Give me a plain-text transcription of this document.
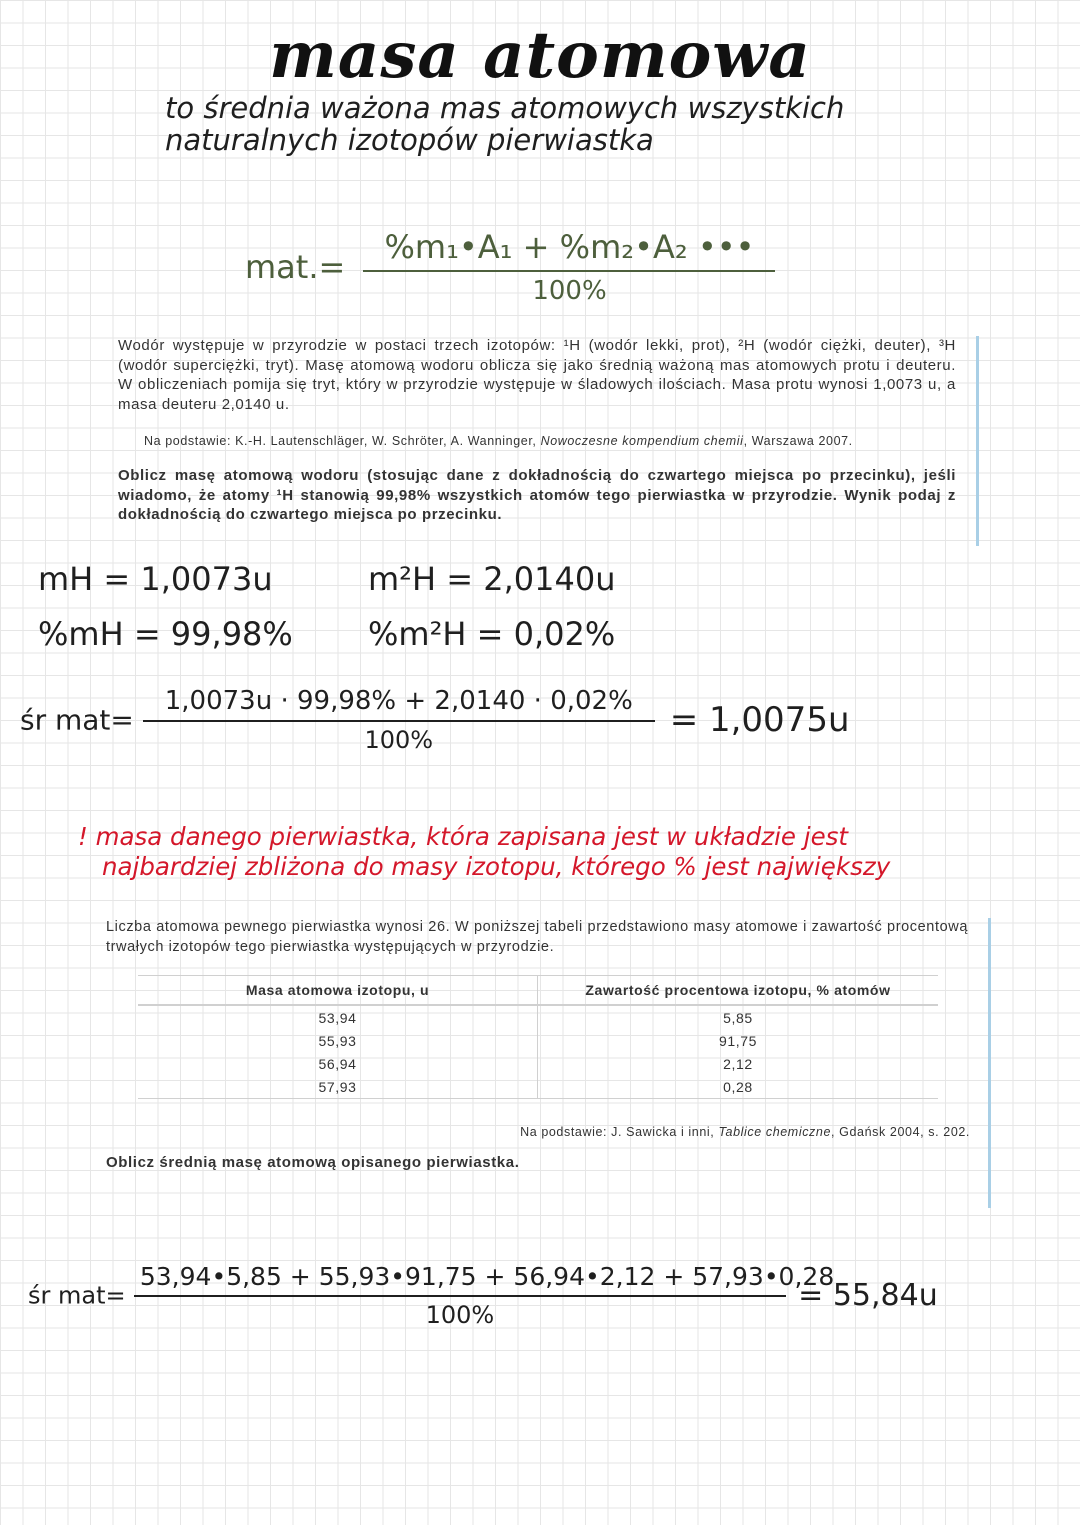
masa atomowa
to średnia ważona mas atomowych wszystkich
naturalnych izotopów pierwiastka
$mat.= \frac{\text{\%m₁•A₁ + \%m₂•A₂ •••}}{100\%}$
Wodór występuje w przyrodzie w postaci trzech izotopów: ¹H (wodór lekki, prot), ²H (wodór ciężki, deuter), ³H (wodór superciężki, tryt). Masę atomową wodoru oblicza się jako średnią ważoną mas atomowych protu i deuteru. W obliczeniach pomija się tryt, który w przyrodzie występuje w śladowych ilościach. Masa protu wynosi 1,0073 u, a masa deuteru 2,0140 u.
Na podstawie: K.-H. Lautenschläger, W. Schröter, A. Wanninger, Nowoczesne kompendium chemii, Warszawa 2007.
Oblicz masę atomową wodoru (stosując dane z dokładnością do czwartego miejsca po przecinku), jeśli wiadomo, że atomy ¹H stanowią 99,98% wszystkich atomów tego pierwiastka w przyrodzie. Wynik podaj z dokładnością do czwartego miejsca po przecinku.
mH = 1,0073u	m²H = 2,0140u
%mH = 99,98% %m²H = 0,02%
śr $mat= \frac{1,0073u \cdot 99,98\% + 2,0140 \cdot 0,02\%}{100\%} = 1,0075u$
! masa danego pierwiastka, która zapisana jest w układzie jest
najbardziej zbliżona do masy izotopu, którego % jest największy
Liczba atomowa pewnego pierwiastka wynosi 26. W poniższej tabeli przedstawiono masy atomowe i zawartość procentową trwałych izotopów tego pierwiastka występujących w przyrodzie.
Masa atomowa izotopu, u	Zawartość procentowa izotopu, % atomów
53,94	5,85
55,93	91,75
56,94	2,12
57,93	0,28
Na podstawie: J. Sawicka i inni, Tablice chemiczne, Gdańsk 2004, s. 202.
Oblicz średnią masę atomową opisanego pierwiastka.
śr $mat= \frac{53,94•5,85 + 55,93•91,75 + 56,94•2,12 + 57,93•0,28}{100\%} = 55,84u$
